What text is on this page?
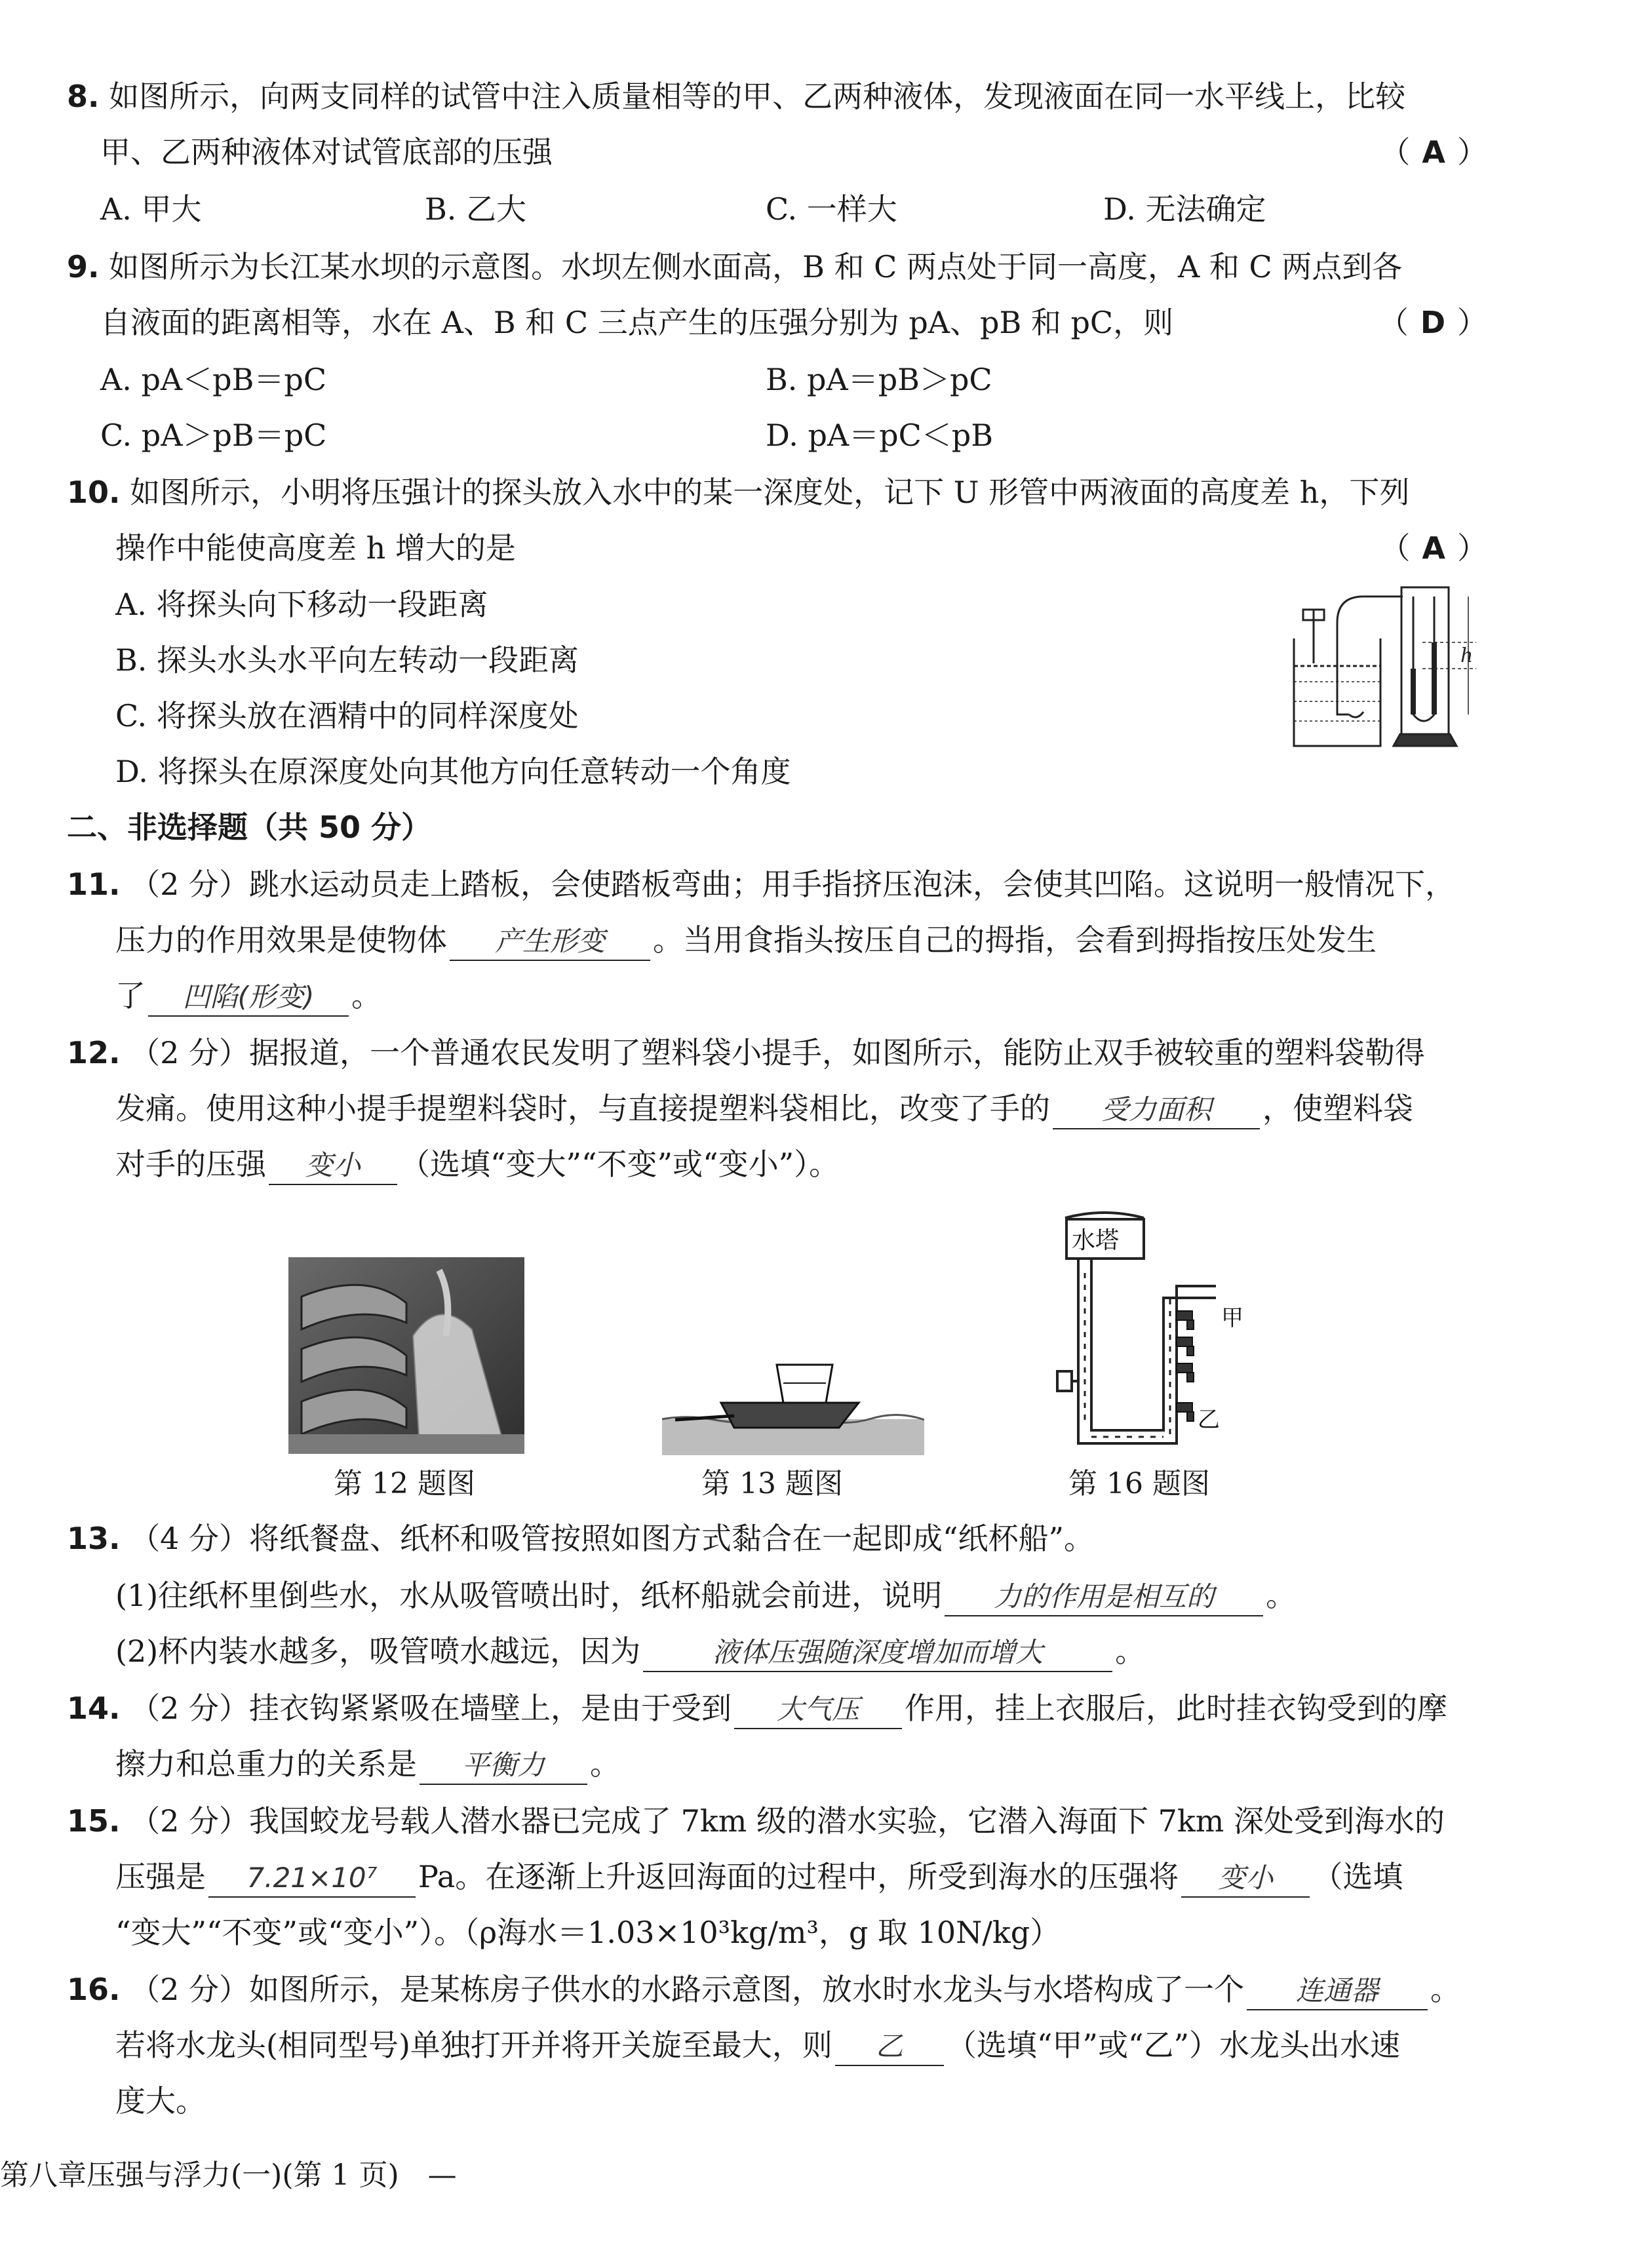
8. 如图所示，向两支同样的试管中注入质量相等的甲、乙两种液体，发现液面在同一水平线上，比较
甲、乙两种液体对试管底部的压强	（ A ）
A. 甲大	B. 乙大	C. 一样大	D. 无法确定
9. 如图所示为长江某水坝的示意图。水坝左侧水面高，B 和 C 两点处于同一高度，A 和 C 两点到各
自液面的距离相等，水在 A、B 和 C 三点产生的压强分别为 pA、pB 和 pC，则	（ D ）
A. pA＜pB＝pC	B. pA＝pB＞pC
C. pA＞pB＝pC	D. pA＝pC＜pB
10. 如图所示，小明将压强计的探头放入水中的某一深度处，记下 U 形管中两液面的高度差 h，下列
操作中能使高度差 h 增大的是	（ A ）
A. 将探头向下移动一段距离
B. 探头水头水平向左转动一段距离
C. 将探头放在酒精中的同样深度处
D. 将探头在原深度处向其他方向任意转动一个角度
h
二、非选择题（共 50 分）
11. （2 分）跳水运动员走上踏板，会使踏板弯曲；用手指挤压泡沫，会使其凹陷。这说明一般情况下，
压力的作用效果是使物体 产生形变 。当用食指头按压自己的拇指，会看到拇指按压处发生
了 凹陷(形变) 。
12. （2 分）据报道，一个普通农民发明了塑料袋小提手，如图所示，能防止双手被较重的塑料袋勒得
发痛。使用这种小提手提塑料袋时，与直接提塑料袋相比，改变了手的 受力面积 ，使塑料袋
对手的压强 变小 （选填“变大”“不变”或“变小”）。
第 12 题图	第 13 题图
水塔
甲
乙
第 16 题图
13. （4 分）将纸餐盘、纸杯和吸管按照如图方式黏合在一起即成“纸杯船”。
(1)往纸杯里倒些水，水从吸管喷出时，纸杯船就会前进，说明 力的作用是相互的 。
(2)杯内装水越多，吸管喷水越远，因为	液体压强随深度增加而增大 。
14. （2 分）挂衣钩紧紧吸在墙壁上，是由于受到 大气压 作用，挂上衣服后，此时挂衣钩受到的摩
擦力和总重力的关系是 平衡力 。
15. （2 分）我国蛟龙号载人潜水器已完成了 7km 级的潜水实验，它潜入海面下 7km 深处受到海水的
压强是 7.21×10⁷ Pa。在逐渐上升返回海面的过程中，所受到海水的压强将 变小 （选填
“变大”“不变”或“变小”）。（ρ海水＝1.03×10³kg/m³，g 取 10N/kg）
16. （2 分）如图所示，是某栋房子供水的水路示意图，放水时水龙头与水塔构成了一个 连通器 。
若将水龙头(相同型号)单独打开并将开关旋至最大，则 乙 （选填“甲”或“乙”）水龙头出水速
度大。
第八章压强与浮力(一)(第 1 页)　—
